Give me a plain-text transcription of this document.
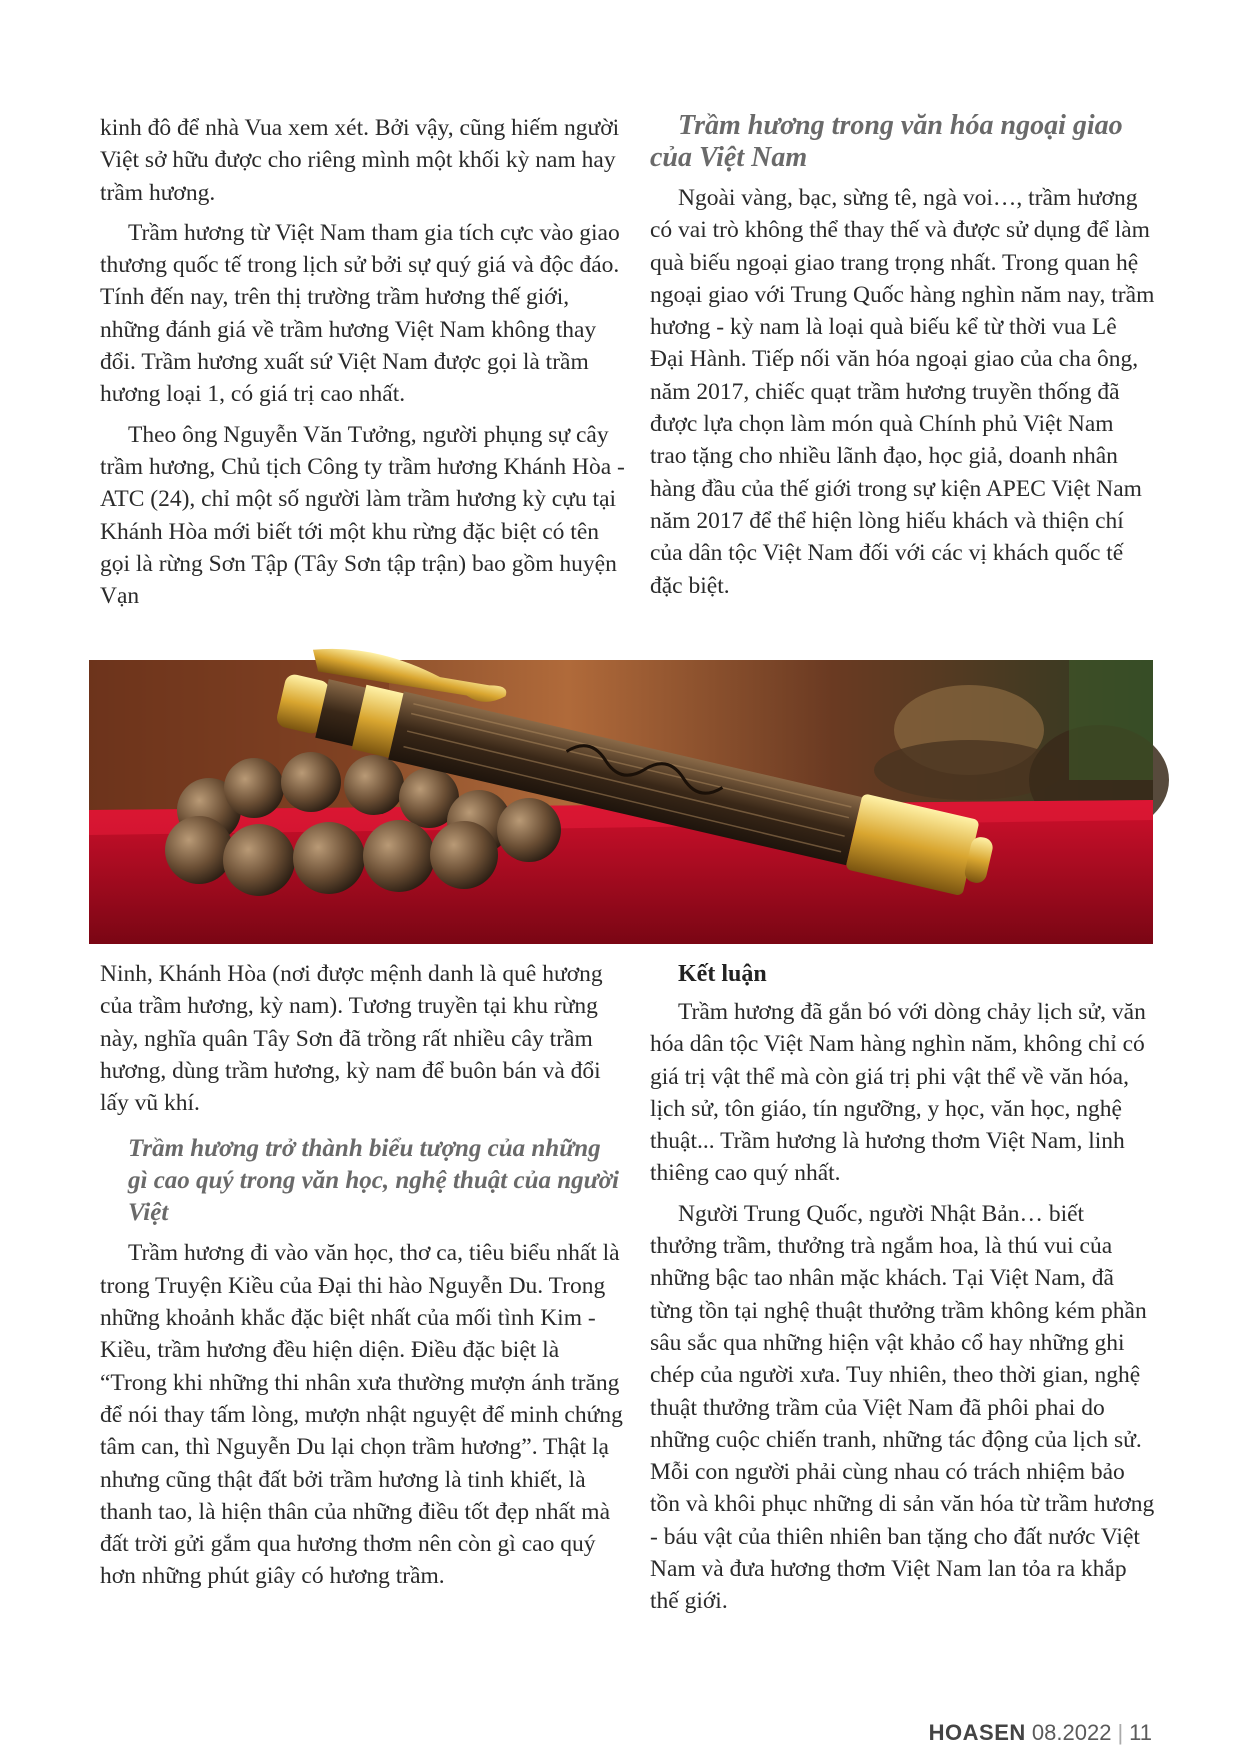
kinh đô để nhà Vua xem xét. Bởi vậy, cũng hiếm người Việt sở hữu được cho riêng mình một khối kỳ nam hay trầm hương.

Trầm hương từ Việt Nam tham gia tích cực vào giao thương quốc tế trong lịch sử bởi sự quý giá và độc đáo. Tính đến nay, trên thị trường trầm hương thế giới, những đánh giá về trầm hương Việt Nam không thay đổi. Trầm hương xuất sứ Việt Nam được gọi là trầm hương loại 1, có giá trị cao nhất.

Theo ông Nguyễn Văn Tưởng, người phụng sự cây trầm hương, Chủ tịch Công ty trầm hương Khánh Hòa - ATC (24), chỉ một số người làm trầm hương kỳ cựu tại Khánh Hòa mới biết tới một khu rừng đặc biệt có tên gọi là rừng Sơn Tập (Tây Sơn tập trận) bao gồm huyện Vạn

Trầm hương trong văn hóa ngoại giao của Việt Nam

Ngoài vàng, bạc, sừng tê, ngà voi…, trầm hương có vai trò không thể thay thế và được sử dụng để làm quà biếu ngoại giao trang trọng nhất. Trong quan hệ ngoại giao với Trung Quốc hàng nghìn năm nay, trầm hương - kỳ nam là loại quà biếu kể từ thời vua Lê Đại Hành. Tiếp nối văn hóa ngoại giao của cha ông, năm 2017, chiếc quạt trầm hương truyền thống đã được lựa chọn làm món quà Chính phủ Việt Nam trao tặng cho nhiều lãnh đạo, học giả, doanh nhân hàng đầu của thế giới trong sự kiện APEC Việt Nam năm 2017 để thể hiện lòng hiếu khách và thiện chí của dân tộc Việt Nam đối với các vị khách quốc tế đặc biệt.

Huong mua tram

Ninh, Khánh Hòa (nơi được mệnh danh là quê hương của trầm hương, kỳ nam). Tương truyền tại khu rừng này, nghĩa quân Tây Sơn đã trồng rất nhiều cây trầm hương, dùng trầm hương, kỳ nam để buôn bán và đổi lấy vũ khí.

Trầm hương trở thành biểu tượng của những gì cao quý trong văn học, nghệ thuật của người Việt

Trầm hương đi vào văn học, thơ ca, tiêu biểu nhất là trong Truyện Kiều của Đại thi hào Nguyễn Du. Trong những khoảnh khắc đặc biệt nhất của mối tình Kim - Kiều, trầm hương đều hiện diện. Điều đặc biệt là “Trong khi những thi nhân xưa thường mượn ánh trăng để nói thay tấm lòng, mượn nhật nguyệt để minh chứng tâm can, thì Nguyễn Du lại chọn trầm hương”. Thật lạ nhưng cũng thật đất bởi trầm hương là tinh khiết, là thanh tao, là hiện thân của những điều tốt đẹp nhất mà đất trời gửi gắm qua hương thơm nên còn gì cao quý hơn những phút giây có hương trầm.

Kết luận

Trầm hương đã gắn bó với dòng chảy lịch sử, văn hóa dân tộc Việt Nam hàng nghìn năm, không chỉ có giá trị vật thể mà còn giá trị phi vật thể về văn hóa, lịch sử, tôn giáo, tín ngưỡng, y học, văn học, nghệ thuật... Trầm hương là hương thơm Việt Nam, linh thiêng cao quý nhất.

Người Trung Quốc, người Nhật Bản… biết thưởng trầm, thưởng trà ngắm hoa, là thú vui của những bậc tao nhân mặc khách. Tại Việt Nam, đã từng tồn tại nghệ thuật thưởng trầm không kém phần sâu sắc qua những hiện vật khảo cổ hay những ghi chép của người xưa. Tuy nhiên, theo thời gian, nghệ thuật thưởng trầm của Việt Nam đã phôi phai do những cuộc chiến tranh, những tác động của lịch sử. Mỗi con người phải cùng nhau có trách nhiệm bảo tồn và khôi phục những di sản văn hóa từ trầm hương - báu vật của thiên nhiên ban tặng cho đất nước Việt Nam và đưa hương thơm Việt Nam lan tỏa ra khắp thế giới.

HOASEN 08.2022 | 11
